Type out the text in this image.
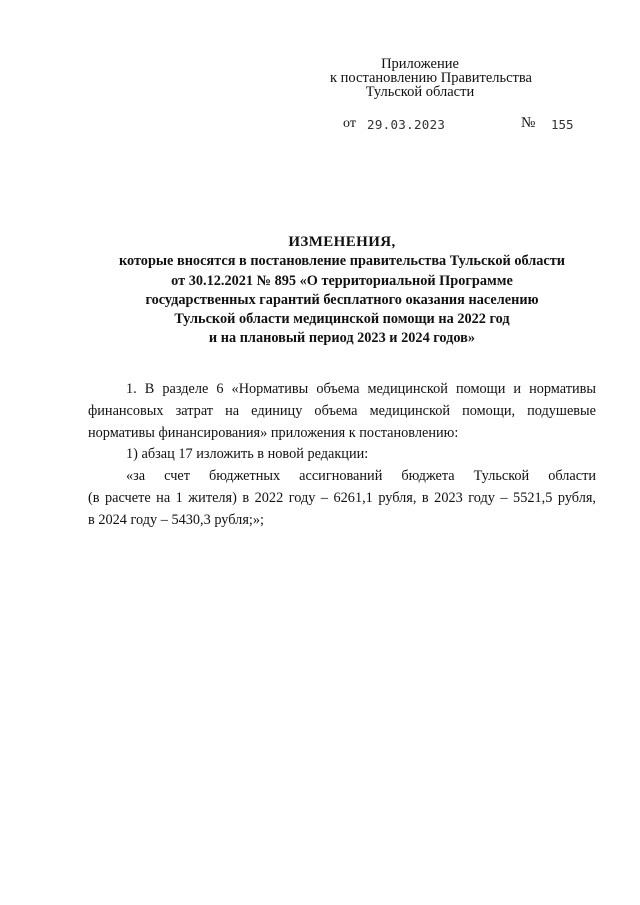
Приложение
к постановлению Правительства
Тульской области
от 29.03.2023	№ 155
ИЗМЕНЕНИЯ,
которые вносятся в постановление правительства Тульской области
от 30.12.2021 № 895 «О территориальной Программе
государственных гарантий бесплатного оказания населению
Тульской области медицинской помощи на 2022 год
и на плановый период 2023 и 2024 годов»
1. В разделе 6 «Нормативы объема медицинской помощи и нормативы
финансовых затрат на единицу объема медицинской помощи, подушевые
нормативы финансирования» приложения к постановлению:
1) абзац 17 изложить в новой редакции:
«за счет бюджетных ассигнований бюджета Тульской области
(в расчете на 1 жителя) в 2022 году – 6261,1 рубля, в 2023 году – 5521,5 рубля,
в 2024 году – 5430,3 рубля;»;
